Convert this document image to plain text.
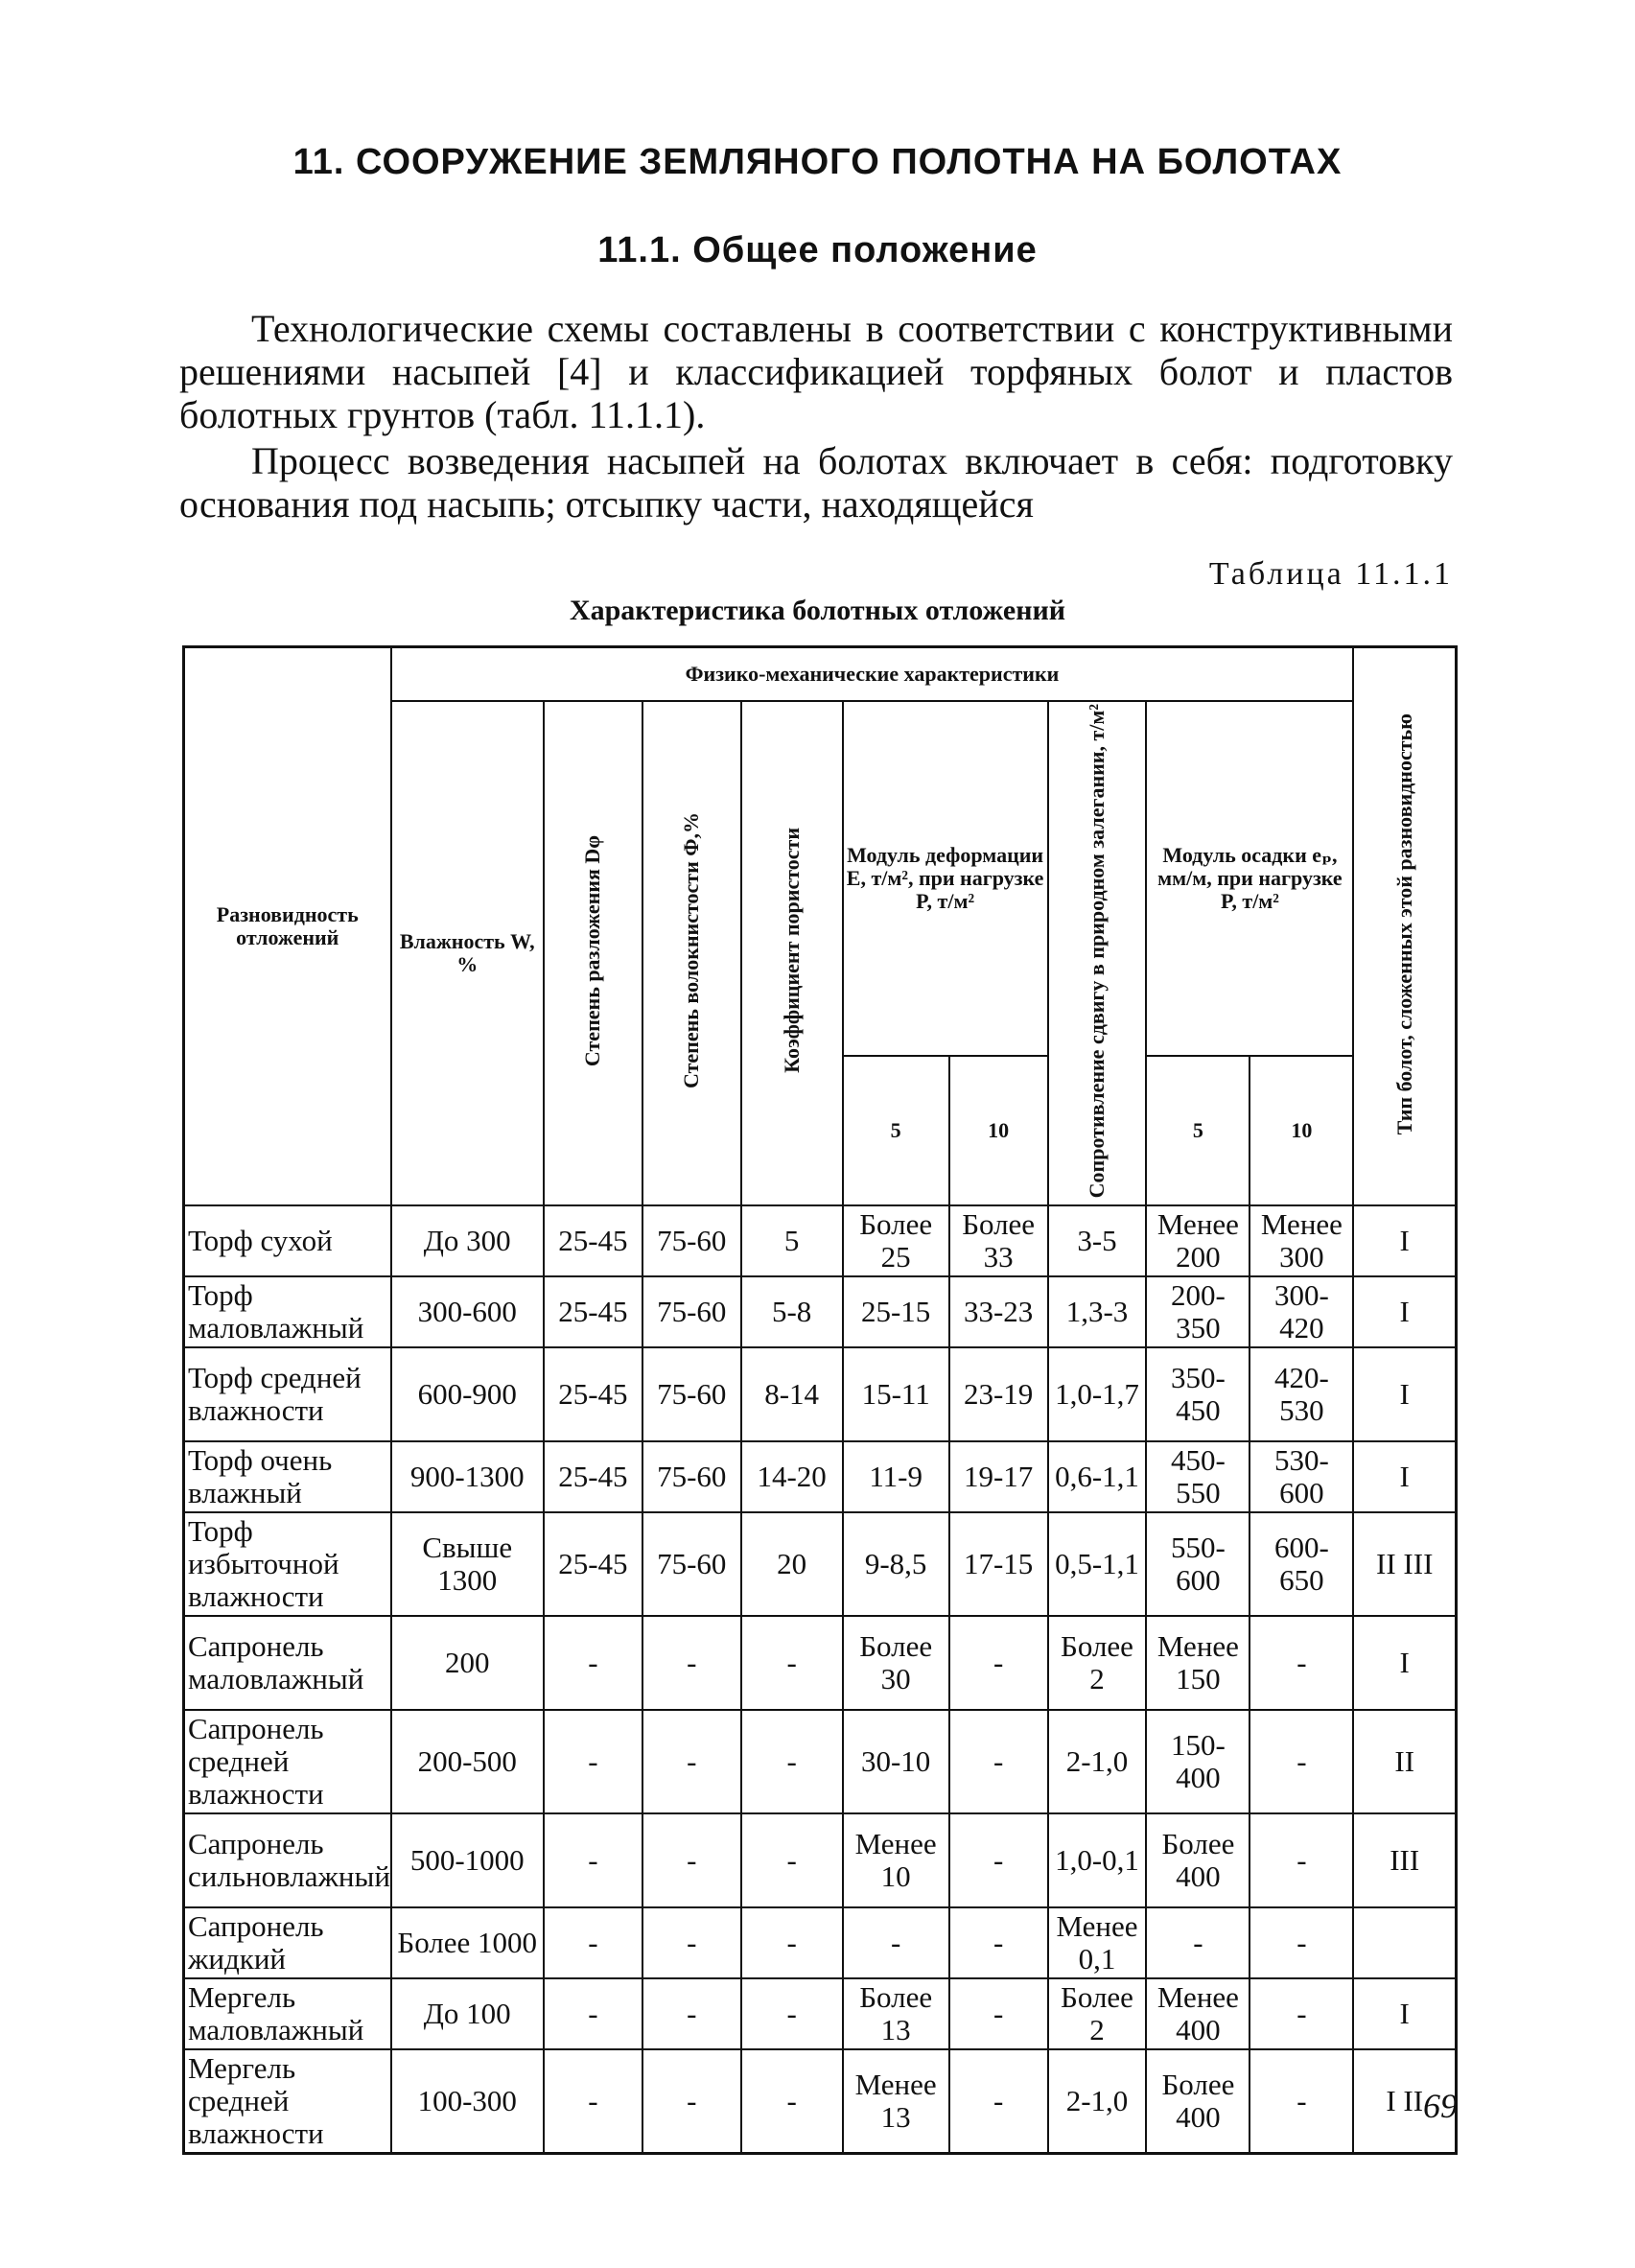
11. СООРУЖЕНИЕ ЗЕМЛЯНОГО ПОЛОТНА НА БОЛОТАХ
11.1. Общее положение
Технологические схемы составлены в соответствии с конструктивными решениями насыпей [4] и классификацией торфяных болот и пластов болотных грунтов (табл. 11.1.1).
Процесс возведения насыпей на болотах включает в себя: подготовку основания под насыпь; отсыпку части, находящейся
Таблица 11.1.1
Характеристика болотных отложений
Разновидность отложений	Физико-механические характеристики									Тип болот, сложенных этой разновидностью
	Влажность W, %	Степень разложения Dφ	Степень волокнистости Φ,%	Коэффициент пористости	Модуль деформации E, т/м², при нагрузке P, т/м²		Сопротивление сдвигу в природном залегании, т/м²	Модуль осадки eₚ, мм/м, при нагрузке P, т/м²		
					5	10		5	10	
Торф сухой	До 300	25-45	75-60	5	Более 25	Более 33	3-5	Менее 200	Менее 300	I
Торф маловлажный	300-600	25-45	75-60	5-8	25-15	33-23	1,3-3	200-350	300-420	I
Торф средней влажности	600-900	25-45	75-60	8-14	15-11	23-19	1,0-1,7	350-450	420-530	I
Торф очень влажный	900-1300	25-45	75-60	14-20	11-9	19-17	0,6-1,1	450-550	530-600	I
Торф избыточной влажности	Свыше 1300	25-45	75-60	20	9-8,5	17-15	0,5-1,1	550-600	600-650	II III
Сапронель маловлажный	200	-	-	-	Более 30	-	Более 2	Менее 150	-	I
Сапронель средней влажности	200-500	-	-	-	30-10	-	2-1,0	150-400	-	II
Сапронель сильновлажный	500-1000	-	-	-	Менее 10	-	1,0-0,1	Более 400	-	III
Сапронель жидкий	Более 1000	-	-	-	-	-	Менее 0,1	-	-	
Мергель маловлажный	До 100	-	-	-	Более 13	-	Более 2	Менее 400	-	I
Мергель средней влажности	100-300	-	-	-	Менее 13	-	2-1,0	Более 400	-	I II 69
